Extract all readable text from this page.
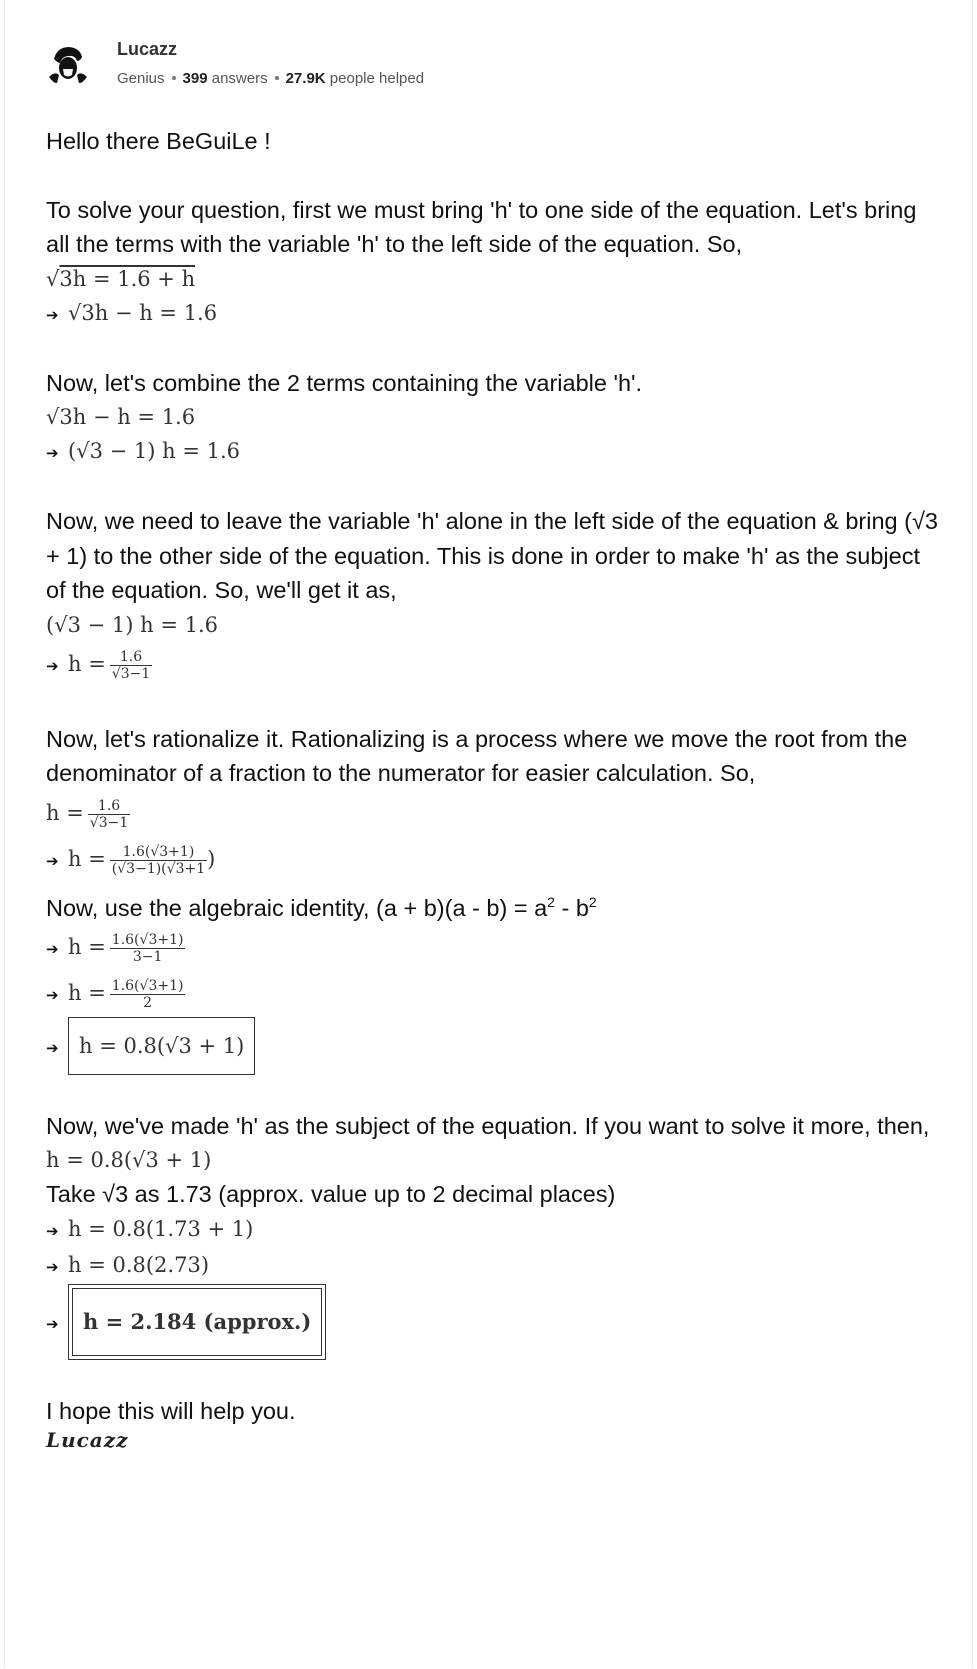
Lucazz
Genius 399 answers 27.9K people helped
Hello there BeGuiLe !
To solve your question, first we must bring 'h' to one side of the equation. Let's bring all the terms with the variable 'h' to the left side of the equation. So,
√3h = 1.6 + h
➔ √3h − h = 1.6
Now, let's combine the 2 terms containing the variable 'h'.
√3h − h = 1.6
➔ (√3 − 1) h = 1.6
Now, we need to leave the variable 'h' alone in the left side of the equation & bring (√3 + 1) to the other side of the equation. This is done in order to make 'h' as the subject of the equation. So, we'll get it as,
(√3 − 1) h = 1.6
➔ $h = \frac{1.6}{√3-1}$
Now, let's rationalize it. Rationalizing is a process where we move the root from the denominator of a fraction to the numerator for easier calculation. So,
$h = \frac{1.6}{√3-1}$
➔ $h = \frac{1.6(√3+1)}{(√3-1)(√3+1}$ )
Now, use the algebraic identity, $(a + b)(a - b) = a^2 - b^2$
➔ $h = \frac{1.6(√3+1)}{3-1}$
➔ $h = \frac{1.6(√3+1)}{2}$
➔ h = 0.8(√3 + 1)
Now, we've made 'h' as the subject of the equation. If you want to solve it more, then,
h = 0.8(√3 + 1)
Take √3 as 1.73 (approx. value up to 2 decimal places)
➔ h = 0.8(1.73 + 1)
➔ h = 0.8(2.73)
➔ h = 2.184 (approx.)
I hope this will help you.
Lucazz
